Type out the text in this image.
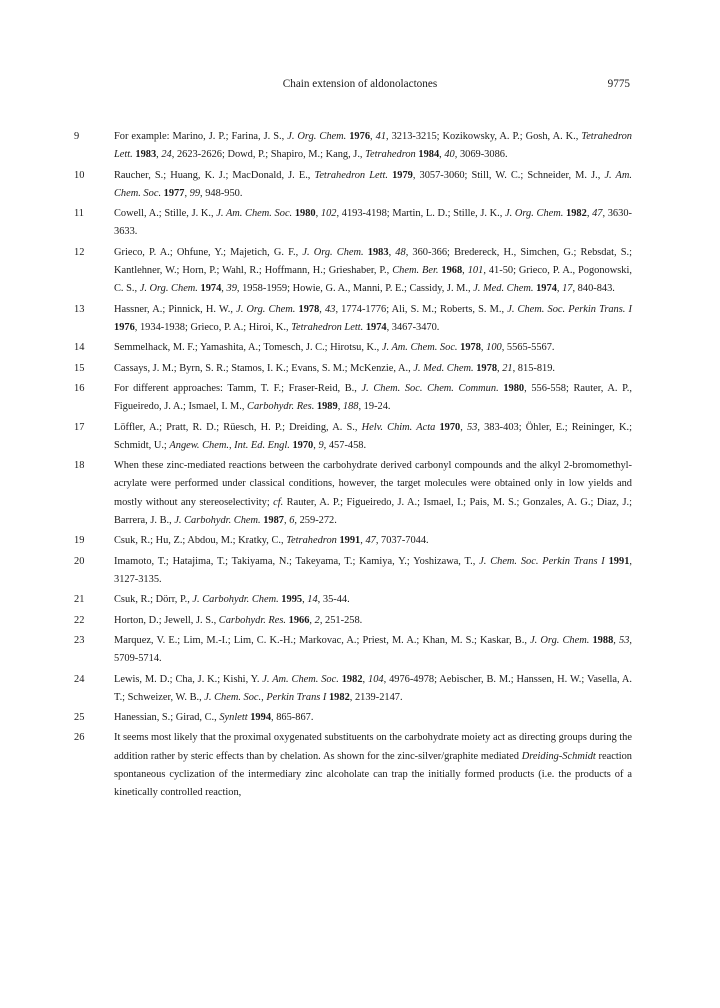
Chain extension of aldonolactones	9775
9	For example: Marino, J. P.; Farina, J. S., J. Org. Chem. 1976, 41, 3213-3215; Kozikowsky, A. P.; Gosh, A. K., Tetrahedron Lett. 1983, 24, 2623-2626; Dowd, P.; Shapiro, M.; Kang, J., Tetrahedron 1984, 40, 3069-3086.
10	Raucher, S.; Huang, K. J.; MacDonald, J. E., Tetrahedron Lett. 1979, 3057-3060; Still, W. C.; Schneider, M. J., J. Am. Chem. Soc. 1977, 99, 948-950.
11	Cowell, A.; Stille, J. K., J. Am. Chem. Soc. 1980, 102, 4193-4198; Martin, L. D.; Stille, J. K., J. Org. Chem. 1982, 47, 3630-3633.
12	Grieco, P. A.; Ohfune, Y.; Majetich, G. F., J. Org. Chem. 1983, 48, 360-366; Bredereck, H., Simchen, G.; Rebsdat, S.; Kantlehner, W.; Horn, P.; Wahl, R.; Hoffmann, H.; Grieshaber, P., Chem. Ber. 1968, 101, 41-50; Grieco, P. A., Pogonowski, C. S., J. Org. Chem. 1974, 39, 1958-1959; Howie, G. A., Manni, P. E.; Cassidy, J. M., J. Med. Chem. 1974, 17, 840-843.
13	Hassner, A.; Pinnick, H. W., J. Org. Chem. 1978, 43, 1774-1776; Ali, S. M.; Roberts, S. M., J. Chem. Soc. Perkin Trans. I 1976, 1934-1938; Grieco, P. A.; Hiroi, K., Tetrahedron Lett. 1974, 3467-3470.
14	Semmelhack, M. F.; Yamashita, A.; Tomesch, J. C.; Hirotsu, K., J. Am. Chem. Soc. 1978, 100, 5565-5567.
15	Cassays, J. M.; Byrn, S. R.; Stamos, I. K.; Evans, S. M.; McKenzie, A., J. Med. Chem. 1978, 21, 815-819.
16	For different approaches: Tamm, T. F.; Fraser-Reid, B., J. Chem. Soc. Chem. Commun. 1980, 556-558; Rauter, A. P., Figueiredo, J. A.; Ismael, I. M., Carbohydr. Res. 1989, 188, 19-24.
17	Löffler, A.; Pratt, R. D.; Rüesch, H. P.; Dreiding, A. S., Helv. Chim. Acta 1970, 53, 383-403; Öhler, E.; Reininger, K.; Schmidt, U.; Angew. Chem., Int. Ed. Engl. 1970, 9, 457-458.
18	When these zinc-mediated reactions between the carbohydrate derived carbonyl compounds and the alkyl 2-bromomethyl-acrylate were performed under classical conditions, however, the target molecules were obtained only in low yields and mostly without any stereoselectivity; cf. Rauter, A. P.; Figueiredo, J. A.; Ismael, I.; Pais, M. S.; Gonzales, A. G.; Diaz, J.; Barrera, J. B., J. Carbohydr. Chem. 1987, 6, 259-272.
19	Csuk, R.; Hu, Z.; Abdou, M.; Kratky, C., Tetrahedron 1991, 47, 7037-7044.
20	Imamoto, T.; Hatajima, T.; Takiyama, N.; Takeyama, T.; Kamiya, Y.; Yoshizawa, T., J. Chem. Soc. Perkin Trans I 1991, 3127-3135.
21	Csuk, R.; Dörr, P., J. Carbohydr. Chem. 1995, 14, 35-44.
22	Horton, D.; Jewell, J. S., Carbohydr. Res. 1966, 2, 251-258.
23	Marquez, V. E.; Lim, M.-I.; Lim, C. K.-H.; Markovac, A.; Priest, M. A.; Khan, M. S.; Kaskar, B., J. Org. Chem. 1988, 53, 5709-5714.
24	Lewis, M. D.; Cha, J. K.; Kishi, Y. J. Am. Chem. Soc. 1982, 104, 4976-4978; Aebischer, B. M.; Hanssen, H. W.; Vasella, A. T.; Schweizer, W. B., J. Chem. Soc., Perkin Trans I 1982, 2139-2147.
25	Hanessian, S.; Girad, C., Synlett 1994, 865-867.
26	It seems most likely that the proximal oxygenated substituents on the carbohydrate moiety act as directing groups during the addition rather by steric effects than by chelation. As shown for the zinc-silver/graphite mediated Dreiding-Schmidt reaction spontaneous cyclization of the intermediary zinc alcoholate can trap the initially formed products (i.e. the products of a kinetically controlled reaction,
